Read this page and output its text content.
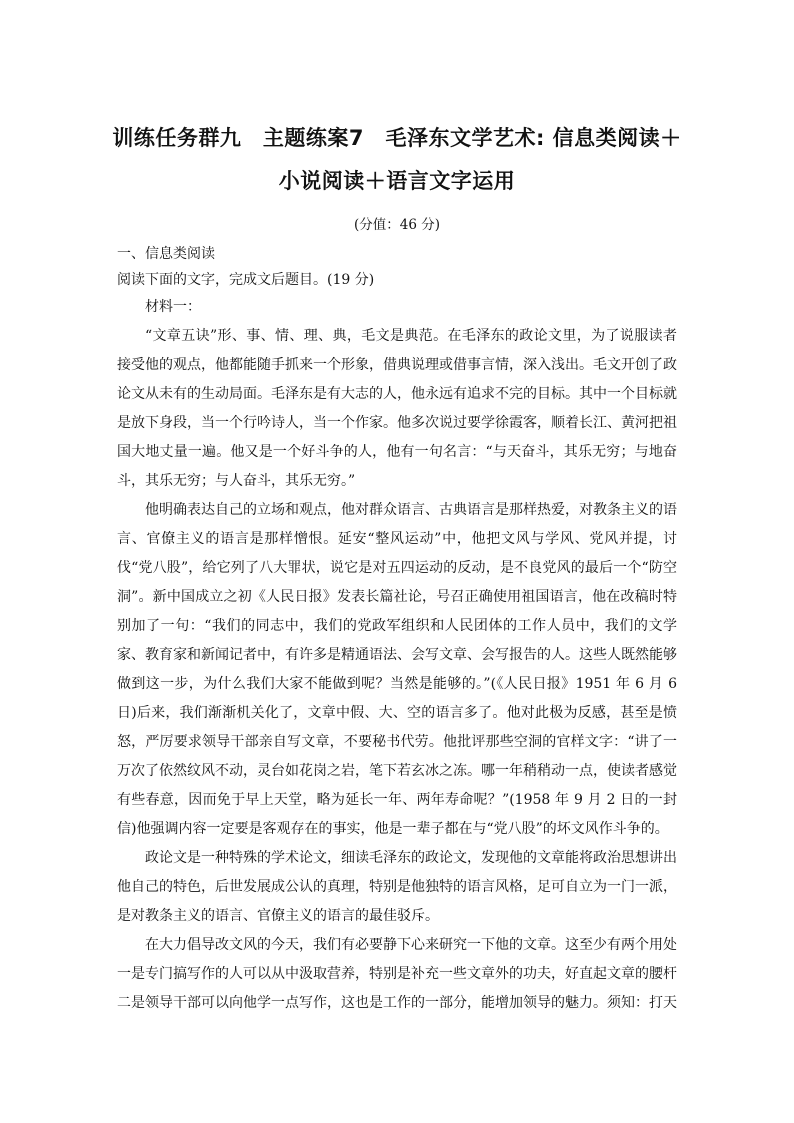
训练任务群九　主题练案7　毛泽东文学艺术: 信息类阅读＋
小说阅读＋语言文字运用
(分值：46 分)
一、信息类阅读
阅读下面的文字，完成文后题目。(19 分)
材料一：

“文章五诀”形、事、情、理、典，毛文是典范。在毛泽东的政论文里，为了说服读者接受他的观点，他都能随手抓来一个形象，借典说理或借事言情，深入浅出。毛文开创了政论文从未有的生动局面。毛泽东是有大志的人，他永远有追求不完的目标。其中一个目标就是放下身段，当一个行吟诗人，当一个作家。他多次说过要学徐霞客，顺着长江、黄河把祖国大地丈量一遍。他又是一个好斗争的人，他有一句名言：“与天奋斗，其乐无穷；与地奋斗，其乐无穷；与人奋斗，其乐无穷。”

他明确表达自己的立场和观点，他对群众语言、古典语言是那样热爱，对教条主义的语言、官僚主义的语言是那样憎恨。延安“整风运动”中，他把文风与学风、党风并提，讨伐“党八股”，给它列了八大罪状，说它是对五四运动的反动，是不良党风的最后一个“防空洞”。新中国成立之初《人民日报》发表长篇社论，号召正确使用祖国语言，他在改稿时特别加了一句：“我们的同志中，我们的党政军组织和人民团体的工作人员中，我们的文学家、教育家和新闻记者中，有许多是精通语法、会写文章、会写报告的人。这些人既然能够做到这一步，为什么我们大家不能做到呢？当然是能够的。”(《人民日报》1951 年 6 月 6 日)后来，我们渐渐机关化了，文章中假、大、空的语言多了。他对此极为反感，甚至是愤怒，严厉要求领导干部亲自写文章，不要秘书代劳。他批评那些空洞的官样文字：“讲了一万次了依然纹风不动，灵台如花岗之岩，笔下若玄冰之冻。哪一年稍稍动一点，使读者感觉有些春意，因而免于早上天堂，略为延长一年、两年寿命呢？”(1958 年 9 月 2 日的一封信)他强调内容一定要是客观存在的事实，他是一辈子都在与“党八股”的坏文风作斗争的。

政论文是一种特殊的学术论文，细读毛泽东的政论文，发现他的文章能将政治思想讲出他自己的特色，后世发展成公认的真理，特别是他独特的语言风格，足可自立为一门一派，是对教条主义的语言、官僚主义的语言的最佳驳斥。

在大力倡导改文风的今天，我们有必要静下心来研究一下他的文章。这至少有两个用处一是专门搞写作的人可以从中汲取营养，特别是补充一些文章外的功夫，好直起文章的腰杆二是领导干部可以向他学一点写作，这也是工作的一部分，能增加领导的魅力。须知：打天
